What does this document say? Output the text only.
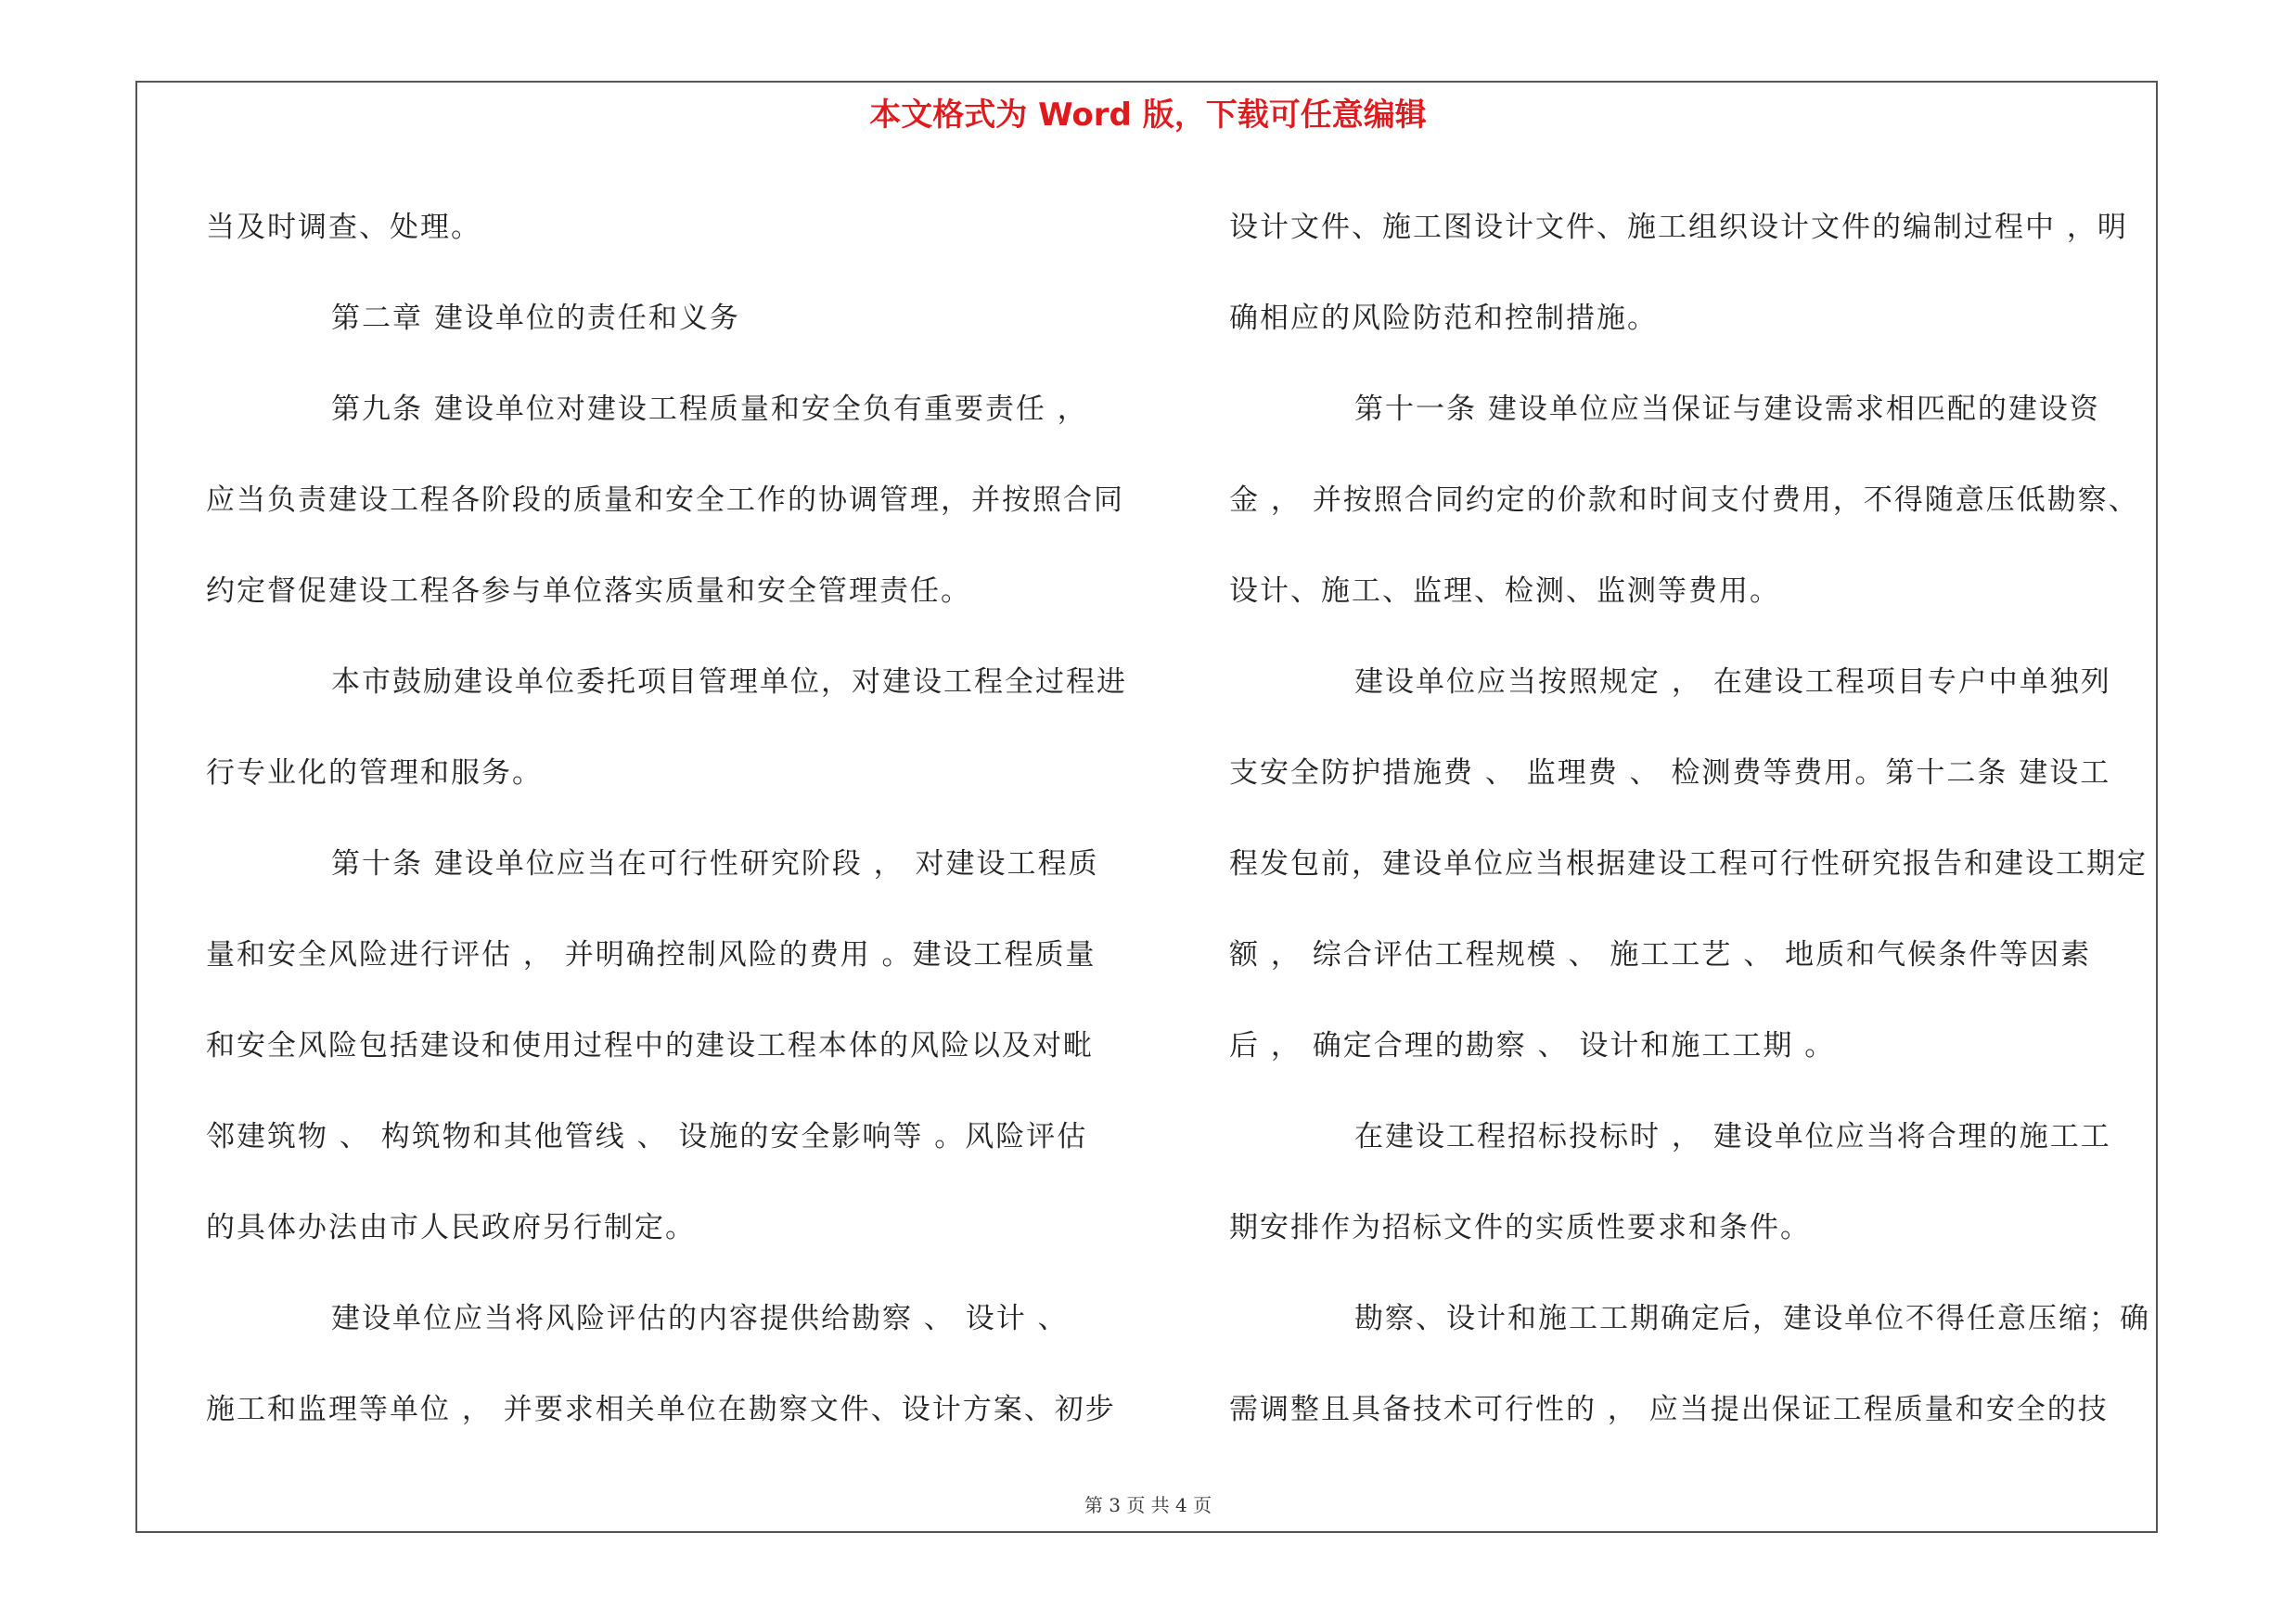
本文格式为 Word 版，下载可任意编辑
当及时调查、处理。
第二章 建设单位的责任和义务
第九条 建设单位对建设工程质量和安全负有重要责任 ，
应当负责建设工程各阶段的质量和安全工作的协调管理，并按照合同
约定督促建设工程各参与单位落实质量和安全管理责任。
本市鼓励建设单位委托项目管理单位，对建设工程全过程进
行专业化的管理和服务。
第十条 建设单位应当在可行性研究阶段 ， 对建设工程质
量和安全风险进行评估 ， 并明确控制风险的费用 。建设工程质量
和安全风险包括建设和使用过程中的建设工程本体的风险以及对毗
邻建筑物 、 构筑物和其他管线 、 设施的安全影响等 。风险评估
的具体办法由市人民政府另行制定。
建设单位应当将风险评估的内容提供给勘察 、 设计 、
施工和监理等单位 ， 并要求相关单位在勘察文件、设计方案、初步
设计文件、施工图设计文件、施工组织设计文件的编制过程中 ，明
确相应的风险防范和控制措施。
第十一条 建设单位应当保证与建设需求相匹配的建设资
金 ， 并按照合同约定的价款和时间支付费用，不得随意压低勘察、
设计、施工、监理、检测、监测等费用。
建设单位应当按照规定 ， 在建设工程项目专户中单独列
支安全防护措施费 、 监理费 、 检测费等费用。第十二条 建设工
程发包前，建设单位应当根据建设工程可行性研究报告和建设工期定
额 ， 综合评估工程规模 、 施工工艺 、 地质和气候条件等因素
后 ， 确定合理的勘察 、 设计和施工工期 。
在建设工程招标投标时 ， 建设单位应当将合理的施工工
期安排作为招标文件的实质性要求和条件。
勘察、设计和施工工期确定后，建设单位不得任意压缩；确
需调整且具备技术可行性的 ， 应当提出保证工程质量和安全的技
第 3 页 共 4 页
